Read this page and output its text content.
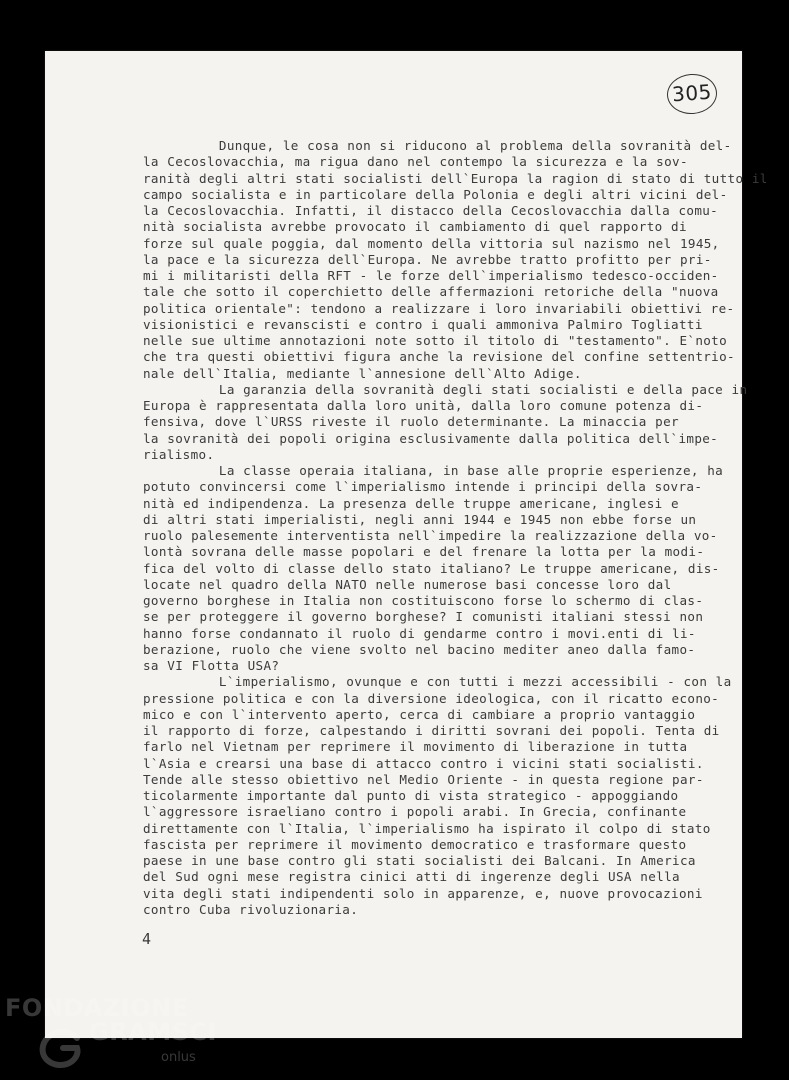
305
Dunque, le cosa non si riducono al problema della sovranità del-
la Cecoslovacchia, ma rigua dano nel contempo la sicurezza e la sov-
ranità degli altri stati socialisti dell`Europa la ragion di stato di tutto il
campo socialista e in particolare della Polonia e degli altri vicini del-
la Cecoslovacchia. Infatti, il distacco della Cecoslovacchia dalla comu-
nità socialista avrebbe provocato il cambiamento di quel rapporto di
forze sul quale poggia, dal momento della vittoria sul nazismo nel 1945,
la pace e la sicurezza dell`Europa. Ne avrebbe tratto profitto per pri-
mi i militaristi della RFT - le forze dell`imperialismo tedesco-occiden-
tale che sotto il coperchietto delle affermazioni retoriche della "nuova
politica orientale": tendono a realizzare i loro invariabili obiettivi re-
visionistici e revanscisti e contro i quali ammoniva Palmiro Togliatti
nelle sue ultime annotazioni note sotto il titolo di "testamento". E`noto
che tra questi obiettivi figura anche la revisione del confine settentrio-
nale dell`Italia, mediante l`annesione dell`Alto Adige.
La garanzia della sovranità degli stati socialisti e della pace in
Europa è rappresentata dalla loro unità, dalla loro comune potenza di-
fensiva, dove l`URSS riveste il ruolo determinante. La minaccia per
la sovranità dei popoli origina esclusivamente dalla politica dell`impe-
rialismo.
La classe operaia italiana, in base alle proprie esperienze, ha
potuto convincersi come l`imperialismo intende i principi della sovra-
nità ed indipendenza. La presenza delle truppe americane, inglesi e
di altri stati imperialisti, negli anni 1944 e 1945 non ebbe forse un
ruolo palesemente interventista nell`impedire la realizzazione della vo-
lontà sovrana delle masse popolari e del frenare la lotta per la modi-
fica del volto di classe dello stato italiano? Le truppe americane, dis-
locate nel quadro della NATO nelle numerose basi concesse loro dal
governo borghese in Italia non costituiscono forse lo schermo di clas-
se per proteggere il governo borghese? I comunisti italiani stessi non
hanno forse condannato il ruolo di gendarme contro i movi.enti di li-
berazione, ruolo che viene svolto nel bacino mediter aneo dalla famo-
sa VI Flotta USA?
L`imperialismo, ovunque e con tutti i mezzi accessibili - con la
pressione politica e con la diversione ideologica, con il ricatto econo-
mico e con l`intervento aperto, cerca di cambiare a proprio vantaggio
il rapporto di forze, calpestando i diritti sovrani dei popoli. Tenta di
farlo nel Vietnam per reprimere il movimento di liberazione in tutta
l`Asia e crearsi una base di attacco contro i vicini stati socialisti.
Tende alle stesso obiettivo nel Medio Oriente - in questa regione par-
ticolarmente importante dal punto di vista strategico - appoggiando
l`aggressore israeliano contro i popoli arabi. In Grecia, confinante
direttamente con l`Italia, l`imperialismo ha ispirato il colpo di stato
fascista per reprimere il movimento democratico e trasformare questo
paese in une base contro gli stati socialisti dei Balcani. In America
del Sud ogni mese registra cinici atti di ingerenze degli USA nella
vita degli stati indipendenti solo in apparenze, e, nuove provocazioni
contro Cuba rivoluzionaria.
4
FONDAZIONE
GRAMSCI
onlus
